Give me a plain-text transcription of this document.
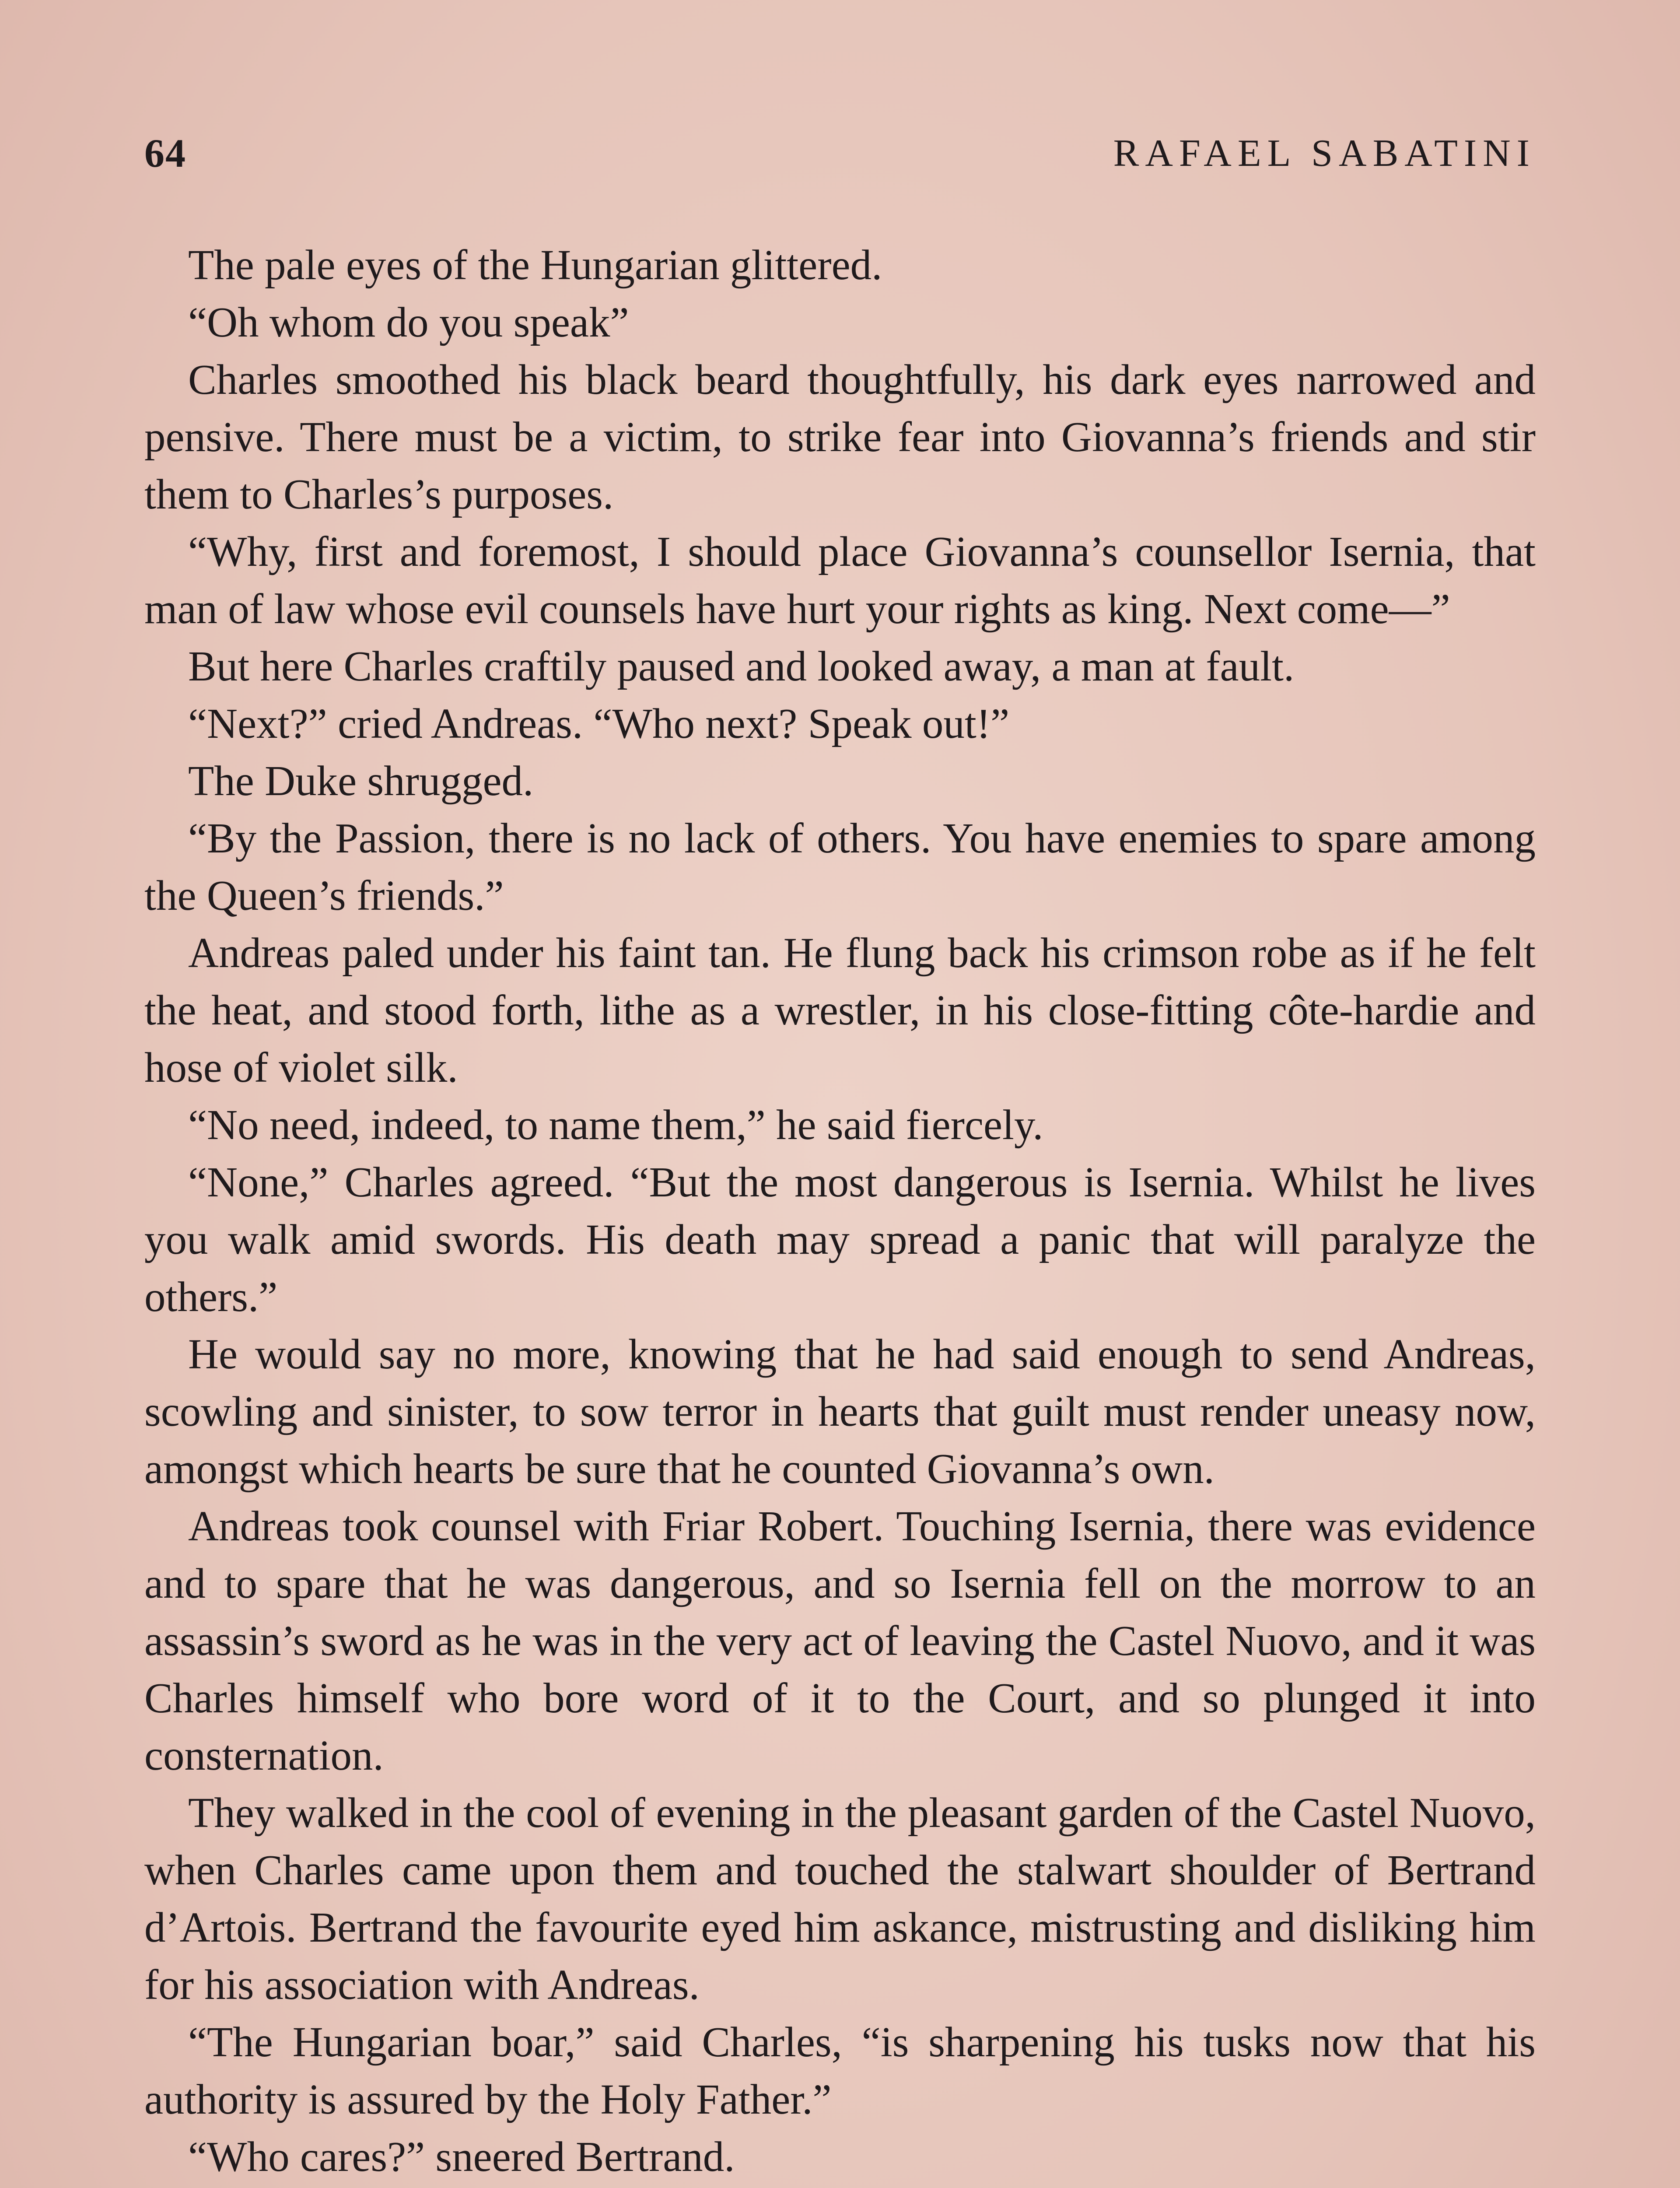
64	RAFAEL SABATINI

The pale eyes of the Hungarian glittered.

“Oh whom do you speak”

Charles smoothed his black beard thoughtfully, his dark eyes narrowed and pensive. There must be a victim, to strike fear into Giovanna’s friends and stir them to Charles’s purposes.

“Why, first and foremost, I should place Giovanna’s counsellor Isernia, that man of law whose evil counsels have hurt your rights as king. Next come—”

But here Charles craftily paused and looked away, a man at fault.

“Next?” cried Andreas. “Who next? Speak out!”

The Duke shrugged.

“By the Passion, there is no lack of others. You have enemies to spare among the Queen’s friends.”

Andreas paled under his faint tan. He flung back his crimson robe as if he felt the heat, and stood forth, lithe as a wrestler, in his close-fitting côte-hardie and hose of violet silk.

“No need, indeed, to name them,” he said fiercely.

“None,” Charles agreed. “But the most dangerous is Isernia. Whilst he lives you walk amid swords. His death may spread a panic that will paralyze the others.”

He would say no more, knowing that he had said enough to send Andreas, scowling and sinister, to sow terror in hearts that guilt must render uneasy now, amongst which hearts be sure that he counted Giovanna’s own.

Andreas took counsel with Friar Robert. Touching Isernia, there was evidence and to spare that he was dangerous, and so Isernia fell on the morrow to an assassin’s sword as he was in the very act of leaving the Castel Nuovo, and it was Charles himself who bore word of it to the Court, and so plunged it into consternation.

They walked in the cool of evening in the pleasant garden of the Castel Nuovo, when Charles came upon them and touched the stalwart shoulder of Bertrand d’Artois. Bertrand the favourite eyed him askance, mistrusting and disliking him for his association with Andreas.

“The Hungarian boar,” said Charles, “is sharpening his tusks now that his authority is assured by the Holy Father.”

“Who cares?” sneered Bertrand.
